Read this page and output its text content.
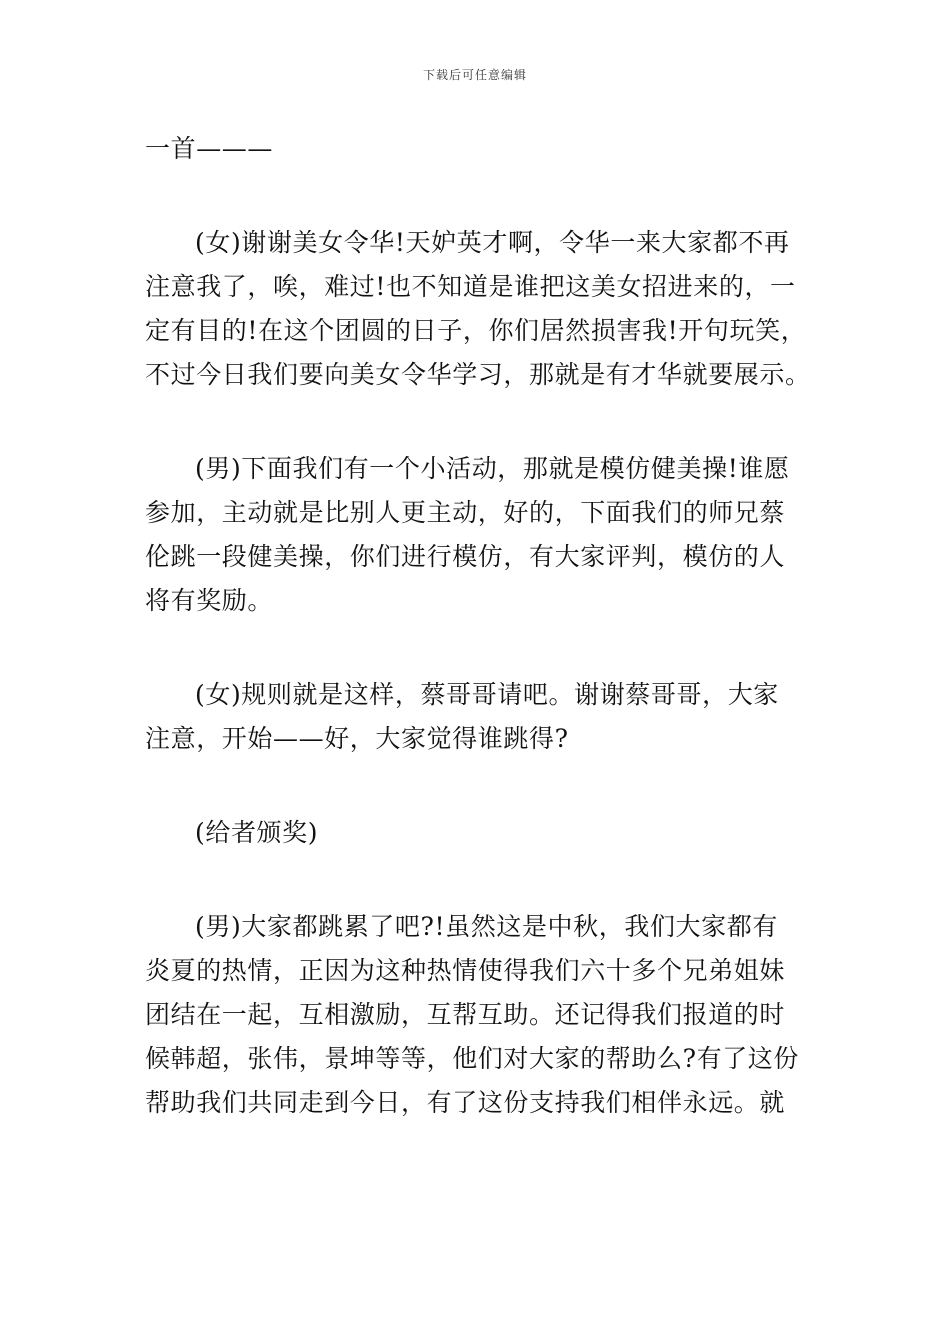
下载后可任意编辑
一首———
(女)谢谢美女令华!天妒英才啊，令华一来大家都不再
注意我了，唉，难过!也不知道是谁把这美女招进来的，一
定有目的!在这个团圆的日子，你们居然损害我!开句玩笑，
不过今日我们要向美女令华学习，那就是有才华就要展示。
(男)下面我们有一个小活动，那就是模仿健美操!谁愿
参加，主动就是比别人更主动，好的，下面我们的师兄蔡
伦跳一段健美操，你们进行模仿，有大家评判，模仿的人
将有奖励。
(女)规则就是这样，蔡哥哥请吧。谢谢蔡哥哥，大家
注意，开始——好，大家觉得谁跳得?
(给者颁奖)
(男)大家都跳累了吧?!虽然这是中秋，我们大家都有
炎夏的热情，正因为这种热情使得我们六十多个兄弟姐妹
团结在一起，互相激励，互帮互助。还记得我们报道的时
候韩超，张伟，景坤等等，他们对大家的帮助么?有了这份
帮助我们共同走到今日，有了这份支持我们相伴永远。就
